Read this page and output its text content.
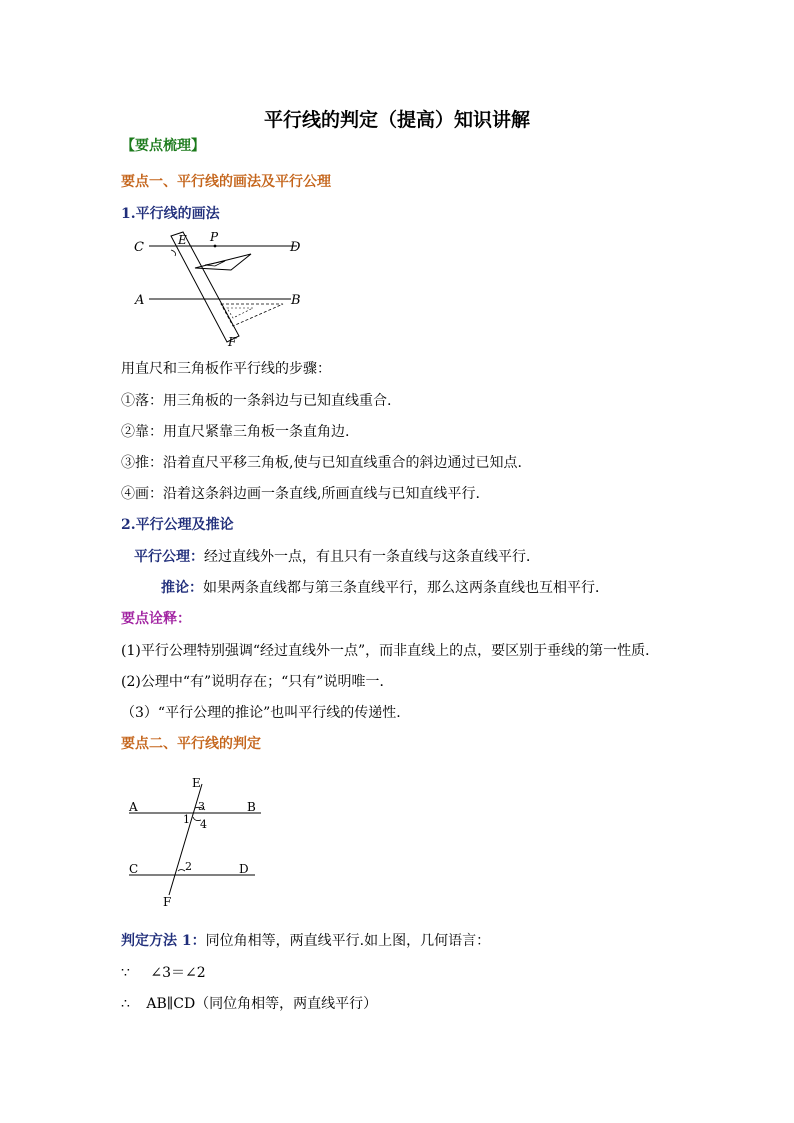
平行线的判定（提高）知识讲解
【要点梳理】
要点一、平行线的画法及平行公理
1.平行线的画法
C	E P
D
A	B
F
用直尺和三角板作平行线的步骤：
①落：用三角板的一条斜边与已知直线重合.
②靠：用直尺紧靠三角板一条直角边.
③推：沿着直尺平移三角板,使与已知直线重合的斜边通过已知点.
④画：沿着这条斜边画一条直线,所画直线与已知直线平行.
2.平行公理及推论
平行公理：经过直线外一点，有且只有一条直线与这条直线平行．
推论：如果两条直线都与第三条直线平行，那么这两条直线也互相平行．
要点诠释：
(1)平行公理特别强调“经过直线外一点”，而非直线上的点，要区别于垂线的第一性质．
(2)公理中“有”说明存在；“只有”说明唯一．
（3）“平行公理的推论”也叫平行线的传递性.
要点二、平行线的判定
E
A	B
3
1 4
C	2	D
F
判定方法 1：同位角相等，两直线平行.如上图，几何语言：
∵ ∠3＝∠2
∴ AB∥CD（同位角相等，两直线平行）
